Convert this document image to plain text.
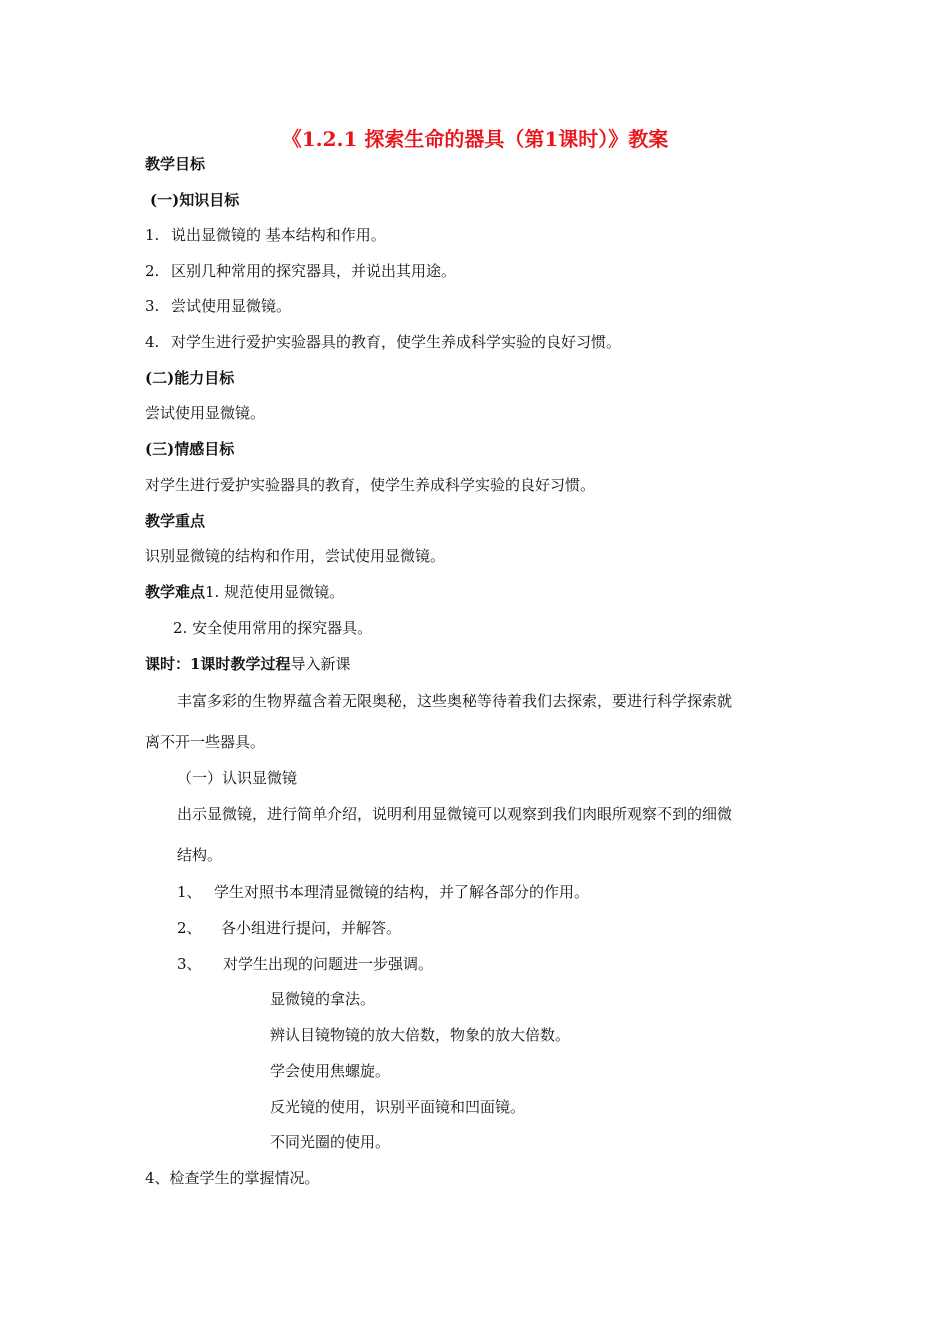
《1.2.1 探索生命的器具（第1课时）》教案
教学目标
(一)知识目标
1. 说出显微镜的 基本结构和作用。
2. 区别几种常用的探究器具，并说出其用途。
3. 尝试使用显微镜。
4. 对学生进行爱护实验器具的教育，使学生养成科学实验的良好习惯。
(二)能力目标
尝试使用显微镜。
(三)情感目标
对学生进行爱护实验器具的教育，使学生养成科学实验的良好习惯。
教学重点
识别显微镜的结构和作用，尝试使用显微镜。
教学难点1. 规范使用显微镜。
2. 安全使用常用的探究器具。
课时：1课时教学过程导入新课
丰富多彩的生物界蕴含着无限奥秘，这些奥秘等待着我们去探索，要进行科学探索就
离不开一些器具。
（一）认识显微镜
出示显微镜，进行简单介绍，说明利用显微镜可以观察到我们肉眼所观察不到的细微
结构。
1、 学生对照书本理清显微镜的结构，并了解各部分的作用。
2、 各小组进行提问，并解答。
3、 对学生出现的问题进一步强调。
显微镜的拿法。
辨认目镜物镜的放大倍数，物象的放大倍数。
学会使用焦螺旋。
反光镜的使用，识别平面镜和凹面镜。
不同光圈的使用。
4、检查学生的掌握情况。
